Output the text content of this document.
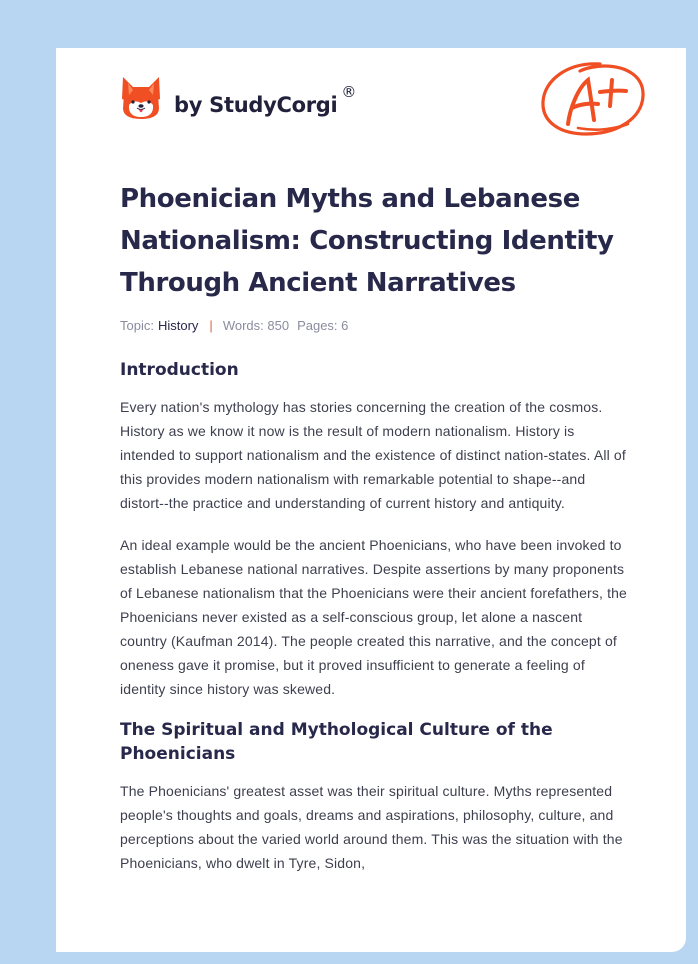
by StudyCorgi
®
Phoenician Myths and Lebanese Nationalism: Constructing Identity Through Ancient Narratives
Topic: History | Words: 850 Pages: 6
Introduction

Every nation's mythology has stories concerning the creation of the cosmos. History as we know it now is the result of modern nationalism. History is intended to support nationalism and the existence of distinct nation-states. All of this provides modern nationalism with remarkable potential to shape--and distort--the practice and understanding of current history and antiquity.

An ideal example would be the ancient Phoenicians, who have been invoked to establish Lebanese national narratives. Despite assertions by many proponents of Lebanese nationalism that the Phoenicians were their ancient forefathers, the Phoenicians never existed as a self-conscious group, let alone a nascent country (Kaufman 2014). The people created this narrative, and the concept of oneness gave it promise, but it proved insufficient to generate a feeling of identity since history was skewed.

The Spiritual and Mythological Culture of the Phoenicians

The Phoenicians' greatest asset was their spiritual culture. Myths represented people's thoughts and goals, dreams and aspirations, philosophy, culture, and perceptions about the varied world around them. This was the situation with the Phoenicians, who dwelt in Tyre, Sidon,
